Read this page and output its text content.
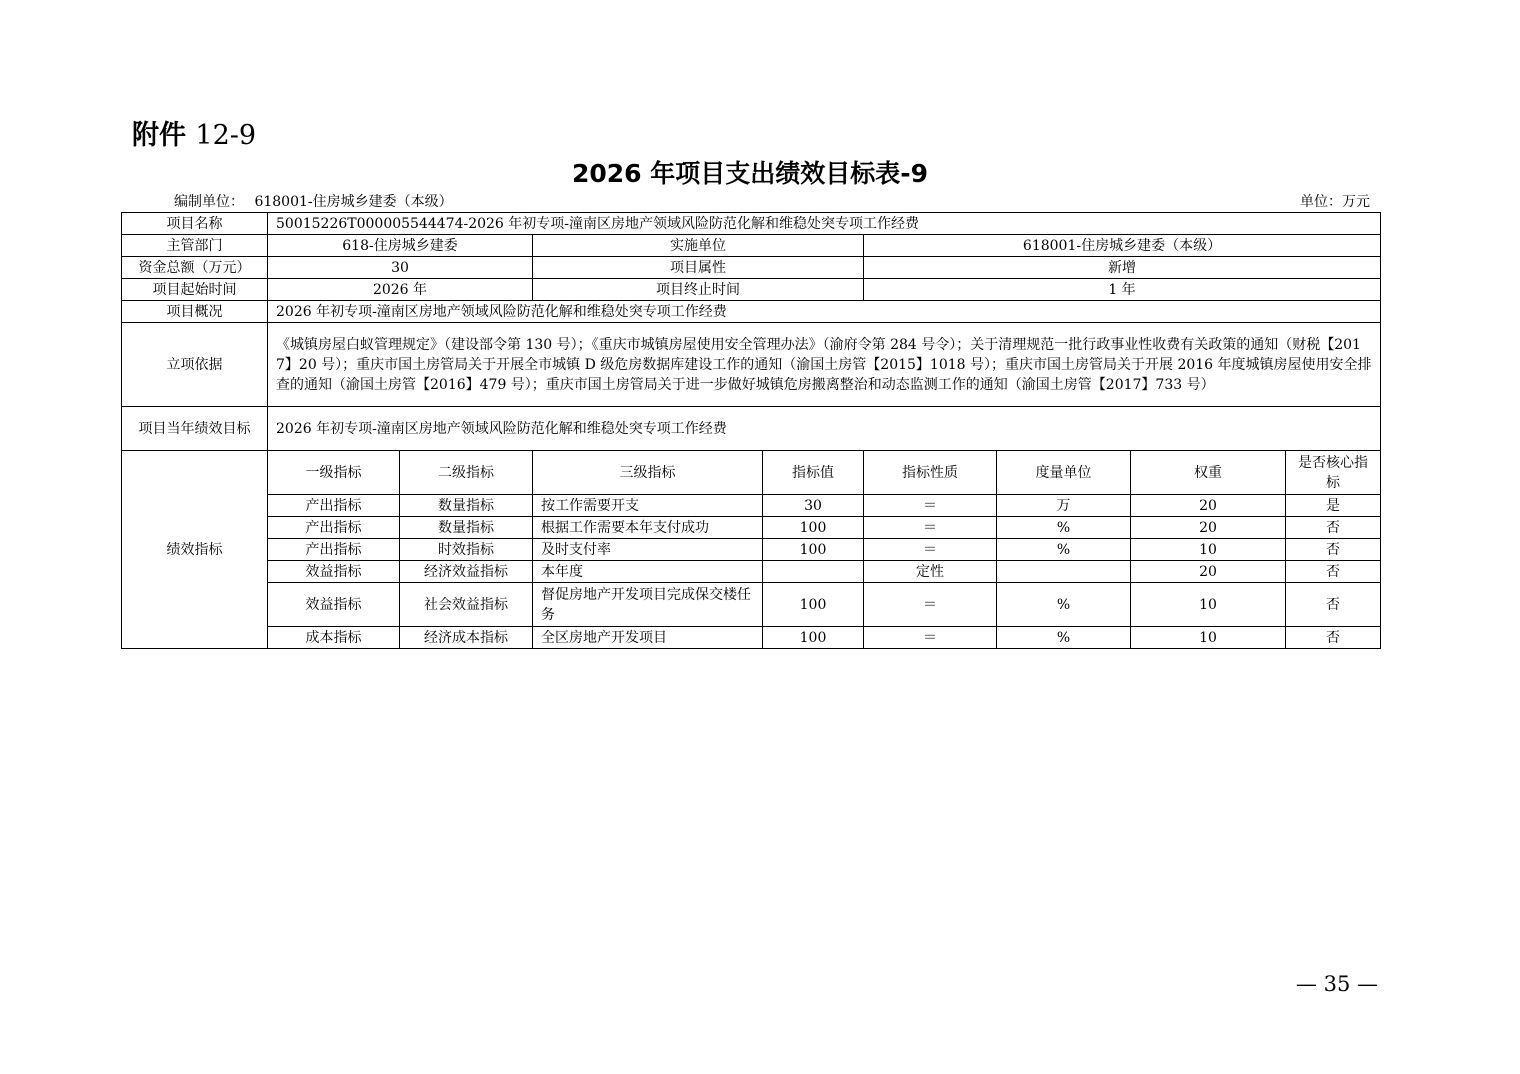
附件 12-9
2026 年项目支出绩效目标表-9
编制单位： 618001-住房城乡建委（本级）	单位：万元
项目名称	50015226T000005544474-2026 年初专项-潼南区房地产领域风险防范化解和维稳处突专项工作经费							
主管部门	618-住房城乡建委		实施单位		618001-住房城乡建委（本级）			
资金总额（万元）	30		项目属性		新增			
项目起始时间	2026 年		项目终止时间		1 年			
项目概况	2026 年初专项-潼南区房地产领域风险防范化解和维稳处突专项工作经费							
立项依据	《城镇房屋白蚁管理规定》（建设部令第 130 号）；《重庆市城镇房屋使用安全管理办法》（渝府令第 284 号令）；关于清理规范一批行政事业性收费有关政策的通知（财税【2017】20 号）；重庆市国土房管局关于开展全市城镇 D 级危房数据库建设工作的通知（渝国土房管【2015】1018 号）；重庆市国土房管局关于开展 2016 年度城镇房屋使用安全排查的通知（渝国土房管【2016】479 号）；重庆市国土房管局关于进一步做好城镇危房搬离整治和动态监测工作的通知（渝国土房管【2017】733 号）							
项目当年绩效目标	2026 年初专项-潼南区房地产领域风险防范化解和维稳处突专项工作经费							
绩效指标	一级指标	二级指标	三级指标	指标值	指标性质	度量单位	权重	是否核心指标
	产出指标	数量指标	按工作需要开支	30	＝	万	20	是
	产出指标	数量指标	根据工作需要本年支付成功	100	＝	%	20	否
	产出指标	时效指标	及时支付率	100	＝	%	10	否
	效益指标	经济效益指标	本年度		定性		20	否
	效益指标	社会效益指标	督促房地产开发项目完成保交楼任务	100	＝	%	10	否
	成本指标	经济成本指标	全区房地产开发项目	100	＝	%	10	否
— 35 —
